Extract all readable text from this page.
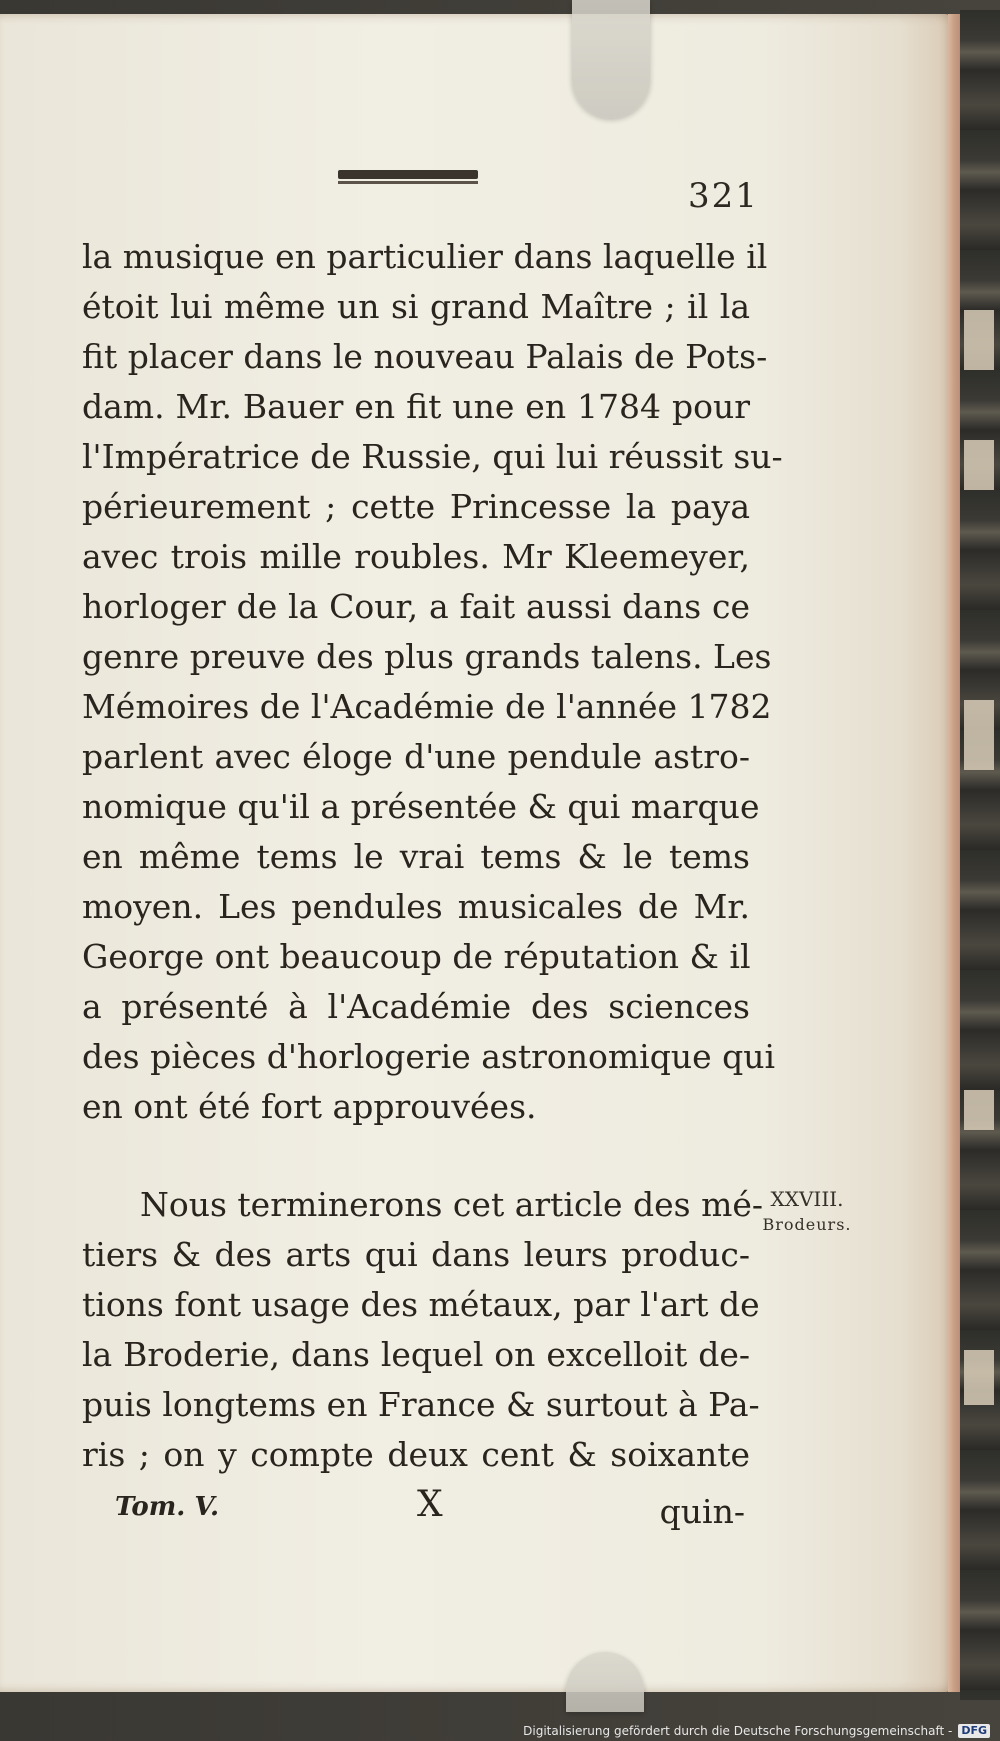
321
la musique en particulier dans laquelle il
étoit lui même un si grand Maître ; il la
fit placer dans le nouveau Palais de Pots-
dam. Mr. Bauer en fit une en 1784 pour
l'Impératrice de Russie, qui lui réussit su-
périeurement ; cette Princesse la paya
avec trois mille roubles. Mr Kleemeyer,
horloger de la Cour, a fait aussi dans ce
genre preuve des plus grands talens. Les
Mémoires de l'Académie de l'année 1782
parlent avec éloge d'une pendule astro-
nomique qu'il a présentée & qui marque
en même tems le vrai tems & le tems
moyen. Les pendules musicales de Mr.
George ont beaucoup de réputation & il
a présenté à l'Académie des sciences
des pièces d'horlogerie astronomique qui
en ont été fort approuvées.
Nous terminerons cet article des mé-
tiers & des arts qui dans leurs produc-
tions font usage des métaux, par l'art de
la Broderie, dans lequel on excelloit de-
puis longtems en France & surtout à Pa-
ris ; on y compte deux cent & soixante
XXVIII.
Brodeurs.
Tom. V.	X	quin-
Digitalisierung gefördert durch die Deutsche Forschungsgemeinschaft - DFG
